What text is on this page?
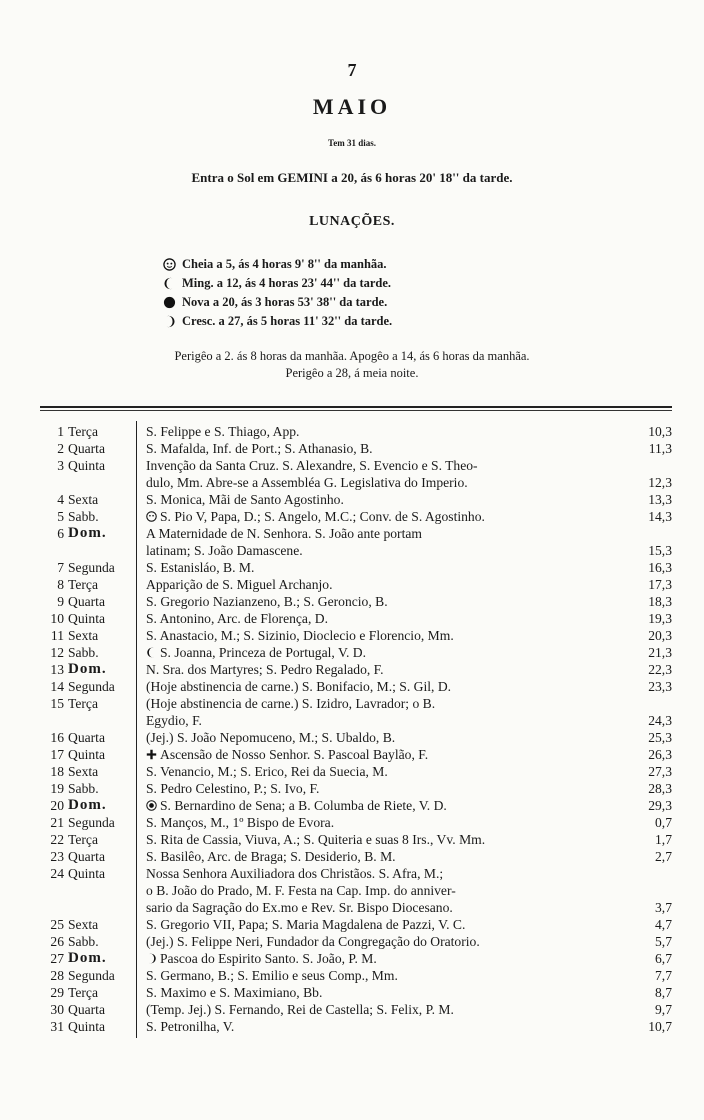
7
MAIO
Tem 31 dias.
Entra o Sol em GEMINI a 20, ás 6 horas 20' 18'' da tarde.
LUNAÇÕES.
Cheia a 5, ás 4 horas 9' 8'' da manhãa.
Ming. a 12, ás 4 horas 23' 44'' da tarde.
Nova a 20, ás 3 horas 53' 38'' da tarde.
Cresc. a 27, ás 5 horas 11' 32'' da tarde.
Perigêo a 2. ás 8 horas da manhãa. Apogêo a 14, ás 6 horas da manhãa.
Perigêo a 28, á meia noite.
1 Terça	S. Felippe e S. Thiago, App.	10,3
2 Quarta	S. Mafalda, Inf. de Port.; S. Athanasio, B.	11,3
3 Quinta	Invenção da Santa Cruz. S. Alexandre, S. Evencio e S. Theo-
dulo, Mm. Abre-se a Assembléa G. Legislativa do Imperio.	12,3
4 Sexta	S. Monica, Mãi de Santo Agostinho.	13,3
5 Sabb.	S. Pio V, Papa, D.; S. Angelo, M.C.; Conv. de S. Agostinho.	14,3
6 Dom.	A Maternidade de N. Senhora. S. João ante portam
latinam; S. João Damascene.	15,3
7 Segunda	S. Estanisláo, B. M.	16,3
8 Terça	Apparição de S. Miguel Archanjo.	17,3
9 Quarta	S. Gregorio Nazianzeno, B.; S. Geroncio, B.	18,3
10 Quinta	S. Antonino, Arc. de Florença, D.	19,3
11 Sexta	S. Anastacio, M.; S. Sizinio, Diocleciо e Florencio, Mm.	20,3
12 Sabb.	S. Joanna, Princeza de Portugal, V. D.	21,3
13 Dom.	N. Sra. dos Martyres; S. Pedro Regalado, F.	22,3
14 Segunda	(Hoje abstinencia de carne.) S. Bonifacio, M.; S. Gil, D.	23,3
15 Terça	(Hoje abstinencia de carne.) S. Izidro, Lavrador; o B.
Egydio, F.	24,3
16 Quarta	(Jej.) S. João Nepomuceno, M.; S. Ubaldo, B.	25,3
17 Quinta	Ascensão de Nosso Senhor. S. Pascoal Baylão, F.	26,3
18 Sexta	S. Venancio, M.; S. Erico, Rei da Suecia, M.	27,3
19 Sabb.	S. Pedro Celestino, P.; S. Ivo, F.	28,3
20 Dom.	S. Bernardino de Sena; a B. Columba de Riete, V. D.	29,3
21 Segunda	S. Manços, M., 1º Bispo de Evora.	0,7
22 Terça	S. Rita de Cassia, Viuva, A.; S. Quiteria e suas 8 Irs., Vv. Mm.	1,7
23 Quarta	S. Basilêo, Arc. de Braga; S. Desiderio, B. M.	2,7
24 Quinta	Nossa Senhora Auxiliadora dos Christãos. S. Afra, M.;
o B. João do Prado, M. F. Festa na Cap. Imp. do anniver-
sario da Sagração do Ex.mo e Rev. Sr. Bispo Diocesano.	3,7
25 Sexta	S. Gregorio VII, Papa; S. Maria Magdalena de Pazzi, V. C.	4,7
26 Sabb.	(Jej.) S. Felippe Neri, Fundador da Congregação do Oratorio.	5,7
27 Dom.	Pascoa do Espirito Santo. S. João, P. M.	6,7
28 Segunda	S. Germano, B.; S. Emilio e seus Comp., Mm.	7,7
29 Terça	S. Maximo e S. Maximiano, Bb.	8,7
30 Quarta	(Temp. Jej.) S. Fernando, Rei de Castella; S. Felix, P. M.	9,7
31 Quinta	S. Petronilha, V.	10,7
